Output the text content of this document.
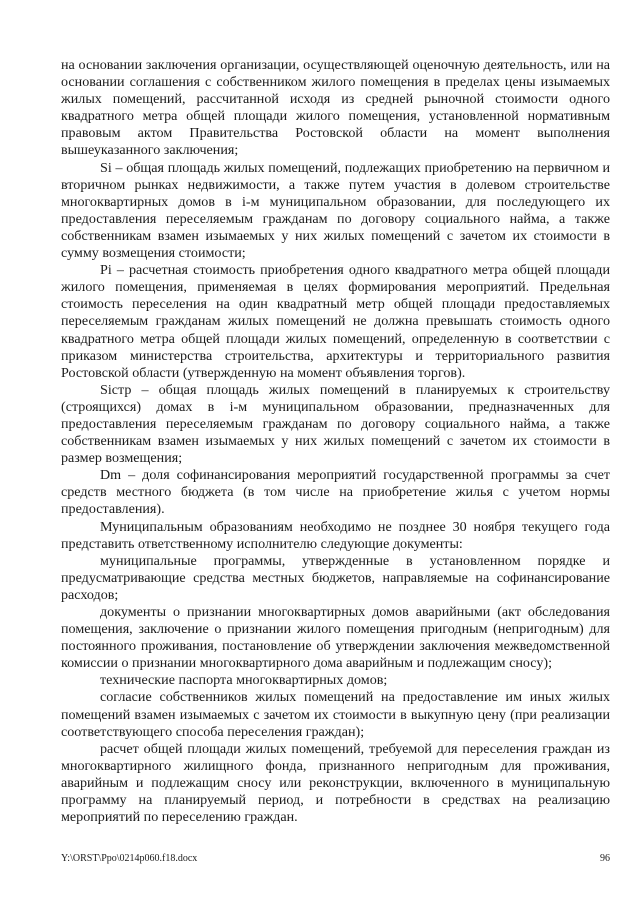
на основании заключения организации, осуществляющей оценочную деятельность, или на основании соглашения с собственником жилого помещения в пределах цены изымаемых жилых помещений, рассчитанной исходя из средней рыночной стоимости одного квадратного метра общей площади жилого помещения, установленной нормативным правовым актом Правительства Ростовской области на момент выполнения вышеуказанного заключения;

Si – общая площадь жилых помещений, подлежащих приобретению на первичном и вторичном рынках недвижимости, а также путем участия в долевом строительстве многоквартирных домов в i-м муниципальном образовании, для последующего их предоставления переселяемым гражданам по договору социального найма, а также собственникам взамен изымаемых у них жилых помещений с зачетом их стоимости в сумму возмещения стоимости;

Pi – расчетная стоимость приобретения одного квадратного метра общей площади жилого помещения, применяемая в целях формирования мероприятий. Предельная стоимость переселения на один квадратный метр общей площади предоставляемых переселяемым гражданам жилых помещений не должна превышать стоимость одного квадратного метра общей площади жилых помещений, определенную в соответствии с приказом министерства строительства, архитектуры и территориального развития Ростовской области (утвержденную на момент объявления торгов).

Sicтр – общая площадь жилых помещений в планируемых к строительству (строящихся) домах в i-м муниципальном образовании, предназначенных для предоставления переселяемым гражданам по договору социального найма, а также собственникам взамен изымаемых у них жилых помещений с зачетом их стоимости в размер возмещения;

Dm – доля софинансирования мероприятий государственной программы за счет средств местного бюджета (в том числе на приобретение жилья с учетом нормы предоставления).

Муниципальным образованиям необходимо не позднее 30 ноября текущего года представить ответственному исполнителю следующие документы:

муниципальные программы, утвержденные в установленном порядке и предусматривающие средства местных бюджетов, направляемые на софинансирование расходов;

документы о признании многоквартирных домов аварийными (акт обследования помещения, заключение о признании жилого помещения пригодным (непригодным) для постоянного проживания, постановление об утверждении заключения межведомственной комиссии о признании многоквартирного дома аварийным и подлежащим сносу);

технические паспорта многоквартирных домов;

согласие собственников жилых помещений на предоставление им иных жилых помещений взамен изымаемых с зачетом их стоимости в выкупную цену (при реализации соответствующего способа переселения граждан);

расчет общей площади жилых помещений, требуемой для переселения граждан из многоквартирного жилищного фонда, признанного непригодным для проживания, аварийным и подлежащим сносу или реконструкции, включенного в муниципальную программу на планируемый период, и потребности в средствах на реализацию мероприятий по переселению граждан.

Y:\ORST\Ppo\0214p060.f18.docx	96
